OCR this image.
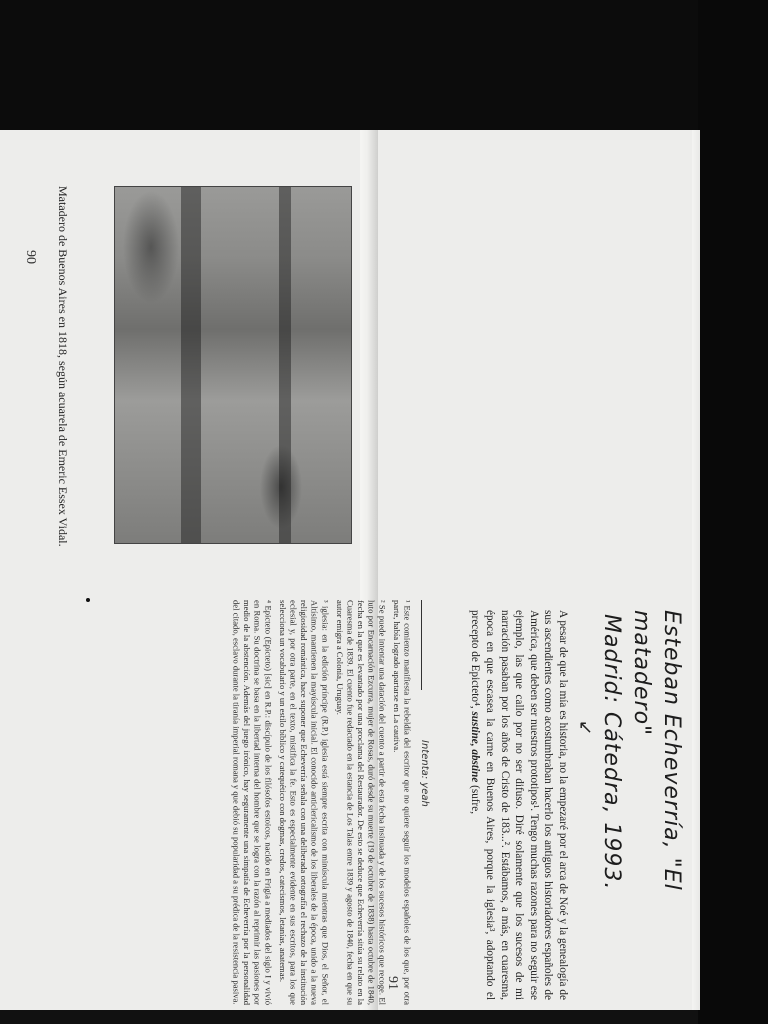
Esteban Echeverría, "El matadero"
Madrid: Cátedra, 1993.
↙
A pesar de que la mía es historia, no la empezaré por el arca de Noé y la genealogía de sus ascendientes como acostumbraban hacerlo los antiguos historiadores españoles de América, que deben ser nuestros prototipos¹. Tengo muchas razones para no seguir ese ejemplo, las que callo por no ser difuso. Diré solamente que los sucesos de mi narración pasaban por los años de Cristo de 183...². Estábamos, a más, en cuaresma, época en que escasea la carne en Buenos Aires, porque la iglesia³, adoptando el precepto de Epicteto⁴, sustine, abstine (sufre,
91
Matadero de Buenos Aires en 1818, según acuarela de Emeric Essex Vidal.
90
Intenta: yeah

¹ Este comienzo manifiesta la rebeldía del escritor que no quiere seguir los modelos españoles de los que, por otra parte, había logrado apartarse en La cautiva.

² Se puede intentar una datación del cuento a partir de esta fecha insinuada y de los sucesos históricos que recoge. El luto por Encarnación Ezcurra, mujer de Rosas, duró desde su muerte (19 de octubre de 1838) hasta octubre de 1840, fecha en la que es levantado por una proclama del Restaurador. De esto se deduce que Echeverría sitúa su relato en la Cuaresma de 1839. El cuento fue redactado en la estancia de Los Talas entre 1839 y agosto de 1840, fecha en que su autor emigra a Colonia, Uruguay.

³ iglesia: en la edición príncipe (R.P.) iglesia está siempre escrita con minúscula mientras que Dios, el Señor, el Altísimo, mantienen la mayúscula inicial. El conocido anticlericalismo de los liberales de la época, unido a la nueva religiosidad romántica, hace suponer que Echeverría señala con una deliberada ortografía el rechazo de la institución eclesial y, por otra parte, en el texto, mistifica la fe. Esto es especialmente evidente en sus escritos, para los que selecciona un vocabulario y un estilo bíblico y catequético con dogmas, credos, catecismos, letanías, anatemas.

⁴ Epicteto (Epicteto) [sic] en R.P.: discípulo de los filósofos estoicos, nacido en Frigia a mediados del siglo I y vivió en Roma. Su doctrina se basa en la libertad interna del hombre que se logra con la razón al reprimir las pasiones por medio de la abstención. Además del juego irónico, hay seguramente una simpatía de Echeverría por la personalidad del citado, esclavo durante la tiranía imperial romana y que debió su popularidad a su prédica de la resistencia pasiva.
